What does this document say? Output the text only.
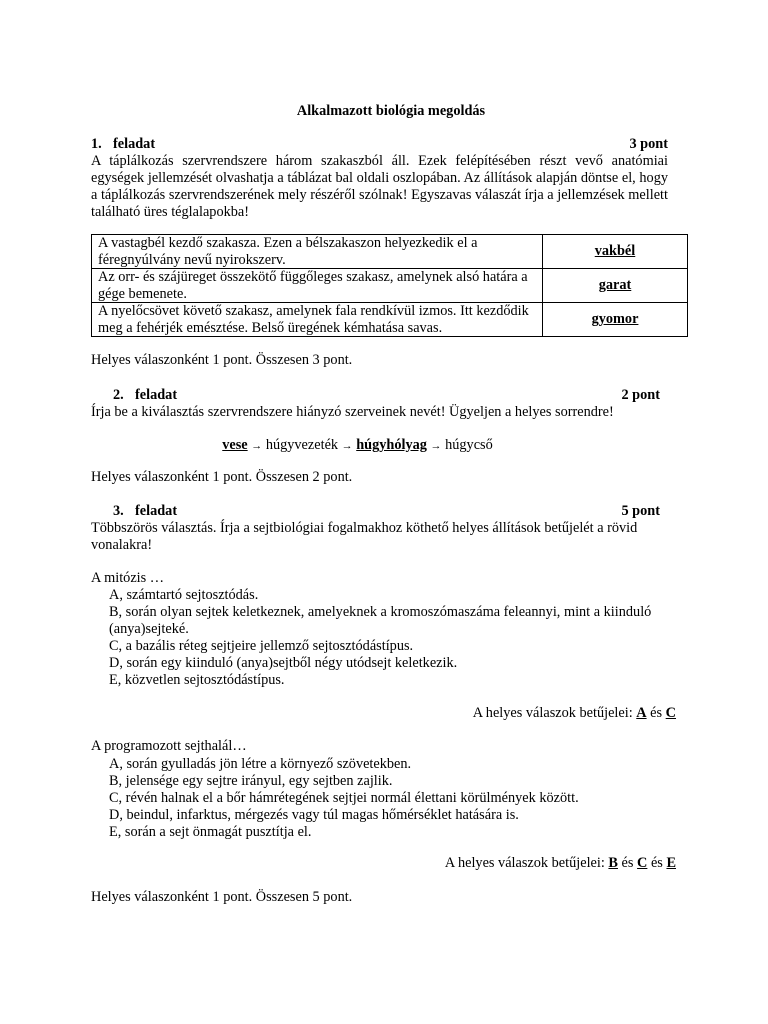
Alkalmazott biológia megoldás
1. feladat	3 pont
A táplálkozás szervrendszere három szakaszból áll. Ezek felépítésében részt vevő anatómiai egységek jellemzését olvashatja a táblázat bal oldali oszlopában. Az állítások alapján döntse el, hogy a táplálkozás szervrendszerének mely részéről szólnak! Egyszavas válaszát írja a jellemzések mellett található üres téglalapokba!
A vastagbél kezdő szakasza. Ezen a bélszakaszon helyezkedik el a féregnyúlvány nevű nyirokszerv.	vakbél
Az orr- és szájüreget összekötő függőleges szakasz, amelynek alsó határa a gége bemenete.	garat
A nyelőcsövet követő szakasz, amelynek fala rendkívül izmos. Itt kezdődik meg a fehérjék emésztése. Belső üregének kémhatása savas.	gyomor
Helyes válaszonként 1 pont. Összesen 3 pont.
2. feladat	2 pont
Írja be a kiválasztás szervrendszere hiányzó szerveinek nevét! Ügyeljen a helyes sorrendre!
vese → húgyvezeték → húgyhólyag → húgycső
Helyes válaszonként 1 pont. Összesen 2 pont.
3. feladat	5 pont
Többszörös választás. Írja a sejtbiológiai fogalmakhoz köthető helyes állítások betűjelét a rövid vonalakra!
A mitózis …
A, számtartó sejtosztódás.
B, során olyan sejtek keletkeznek, amelyeknek a kromoszómaszáma feleannyi, mint a kiinduló (anya)sejteké.
C, a bazális réteg sejtjeire jellemző sejtosztódástípus.
D, során egy kiinduló (anya)sejtből négy utódsejt keletkezik.
E, közvetlen sejtosztódástípus.
A helyes válaszok betűjelei: A és C
A programozott sejthalál…
A, során gyulladás jön létre a környező szövetekben.
B, jelensége egy sejtre irányul, egy sejtben zajlik.
C, révén halnak el a bőr hámrétegének sejtjei normál élettani körülmények között.
D, beindul, infarktus, mérgezés vagy túl magas hőmérséklet hatására is.
E, során a sejt önmagát pusztítja el.
A helyes válaszok betűjelei: B és C és E
Helyes válaszonként 1 pont. Összesen 5 pont.
